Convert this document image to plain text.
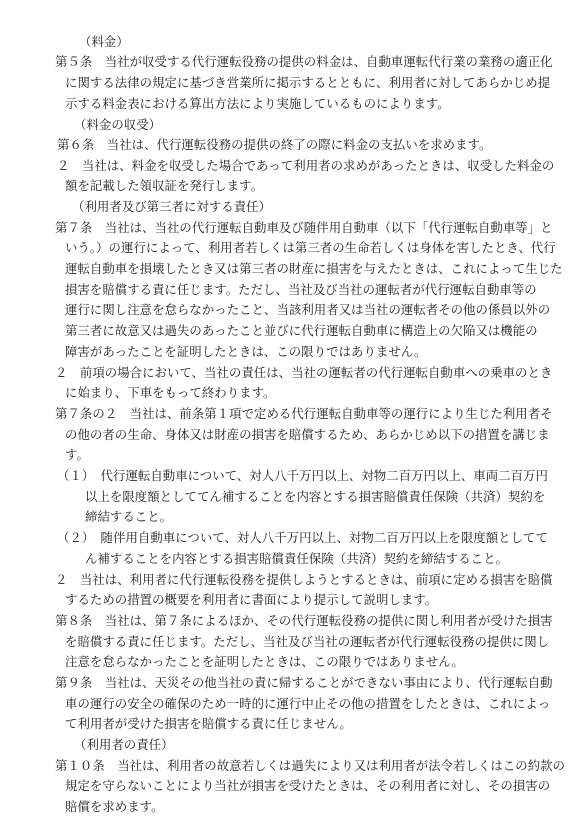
（料金）
第５条　当社が収受する代行運転役務の提供の料金は、自動車運転代行業の業務の適正化
に関する法律の規定に基づき営業所に掲示するとともに、利用者に対してあらかじめ提
示する料金表における算出方法により実施しているものによります。
（料金の収受）
第６条　当社は、代行運転役務の提供の終了の際に料金の支払いを求めます。
２　当社は、料金を収受した場合であって利用者の求めがあったときは、収受した料金の
額を記載した領収証を発行します。
（利用者及び第三者に対する責任）
第７条　当社は、当社の代行運転自動車及び随伴用自動車（以下「代行運転自動車等」と
いう。）の運行によって、利用者若しくは第三者の生命若しくは身体を害したとき、代行
運転自動車を損壊したとき又は第三者の財産に損害を与えたときは、これによって生じた
損害を賠償する責に任じます。ただし、当社及び当社の運転者が代行運転自動車等の
運行に関し注意を怠らなかったこと、当該利用者又は当社の運転者その他の係員以外の
第三者に故意又は過失のあったこと並びに代行運転自動車に構造上の欠陥又は機能の
障害があったことを証明したときは、この限りではありません。
２　前項の場合において、当社の責任は、当社の運転者の代行運転自動車への乗車のとき
に始まり、下車をもって終わります。
第７条の２　当社は、前条第１項で定める代行運転自動車等の運行により生じた利用者そ
の他の者の生命、身体又は財産の損害を賠償するため、あらかじめ以下の措置を講じま
す。
（１）　代行運転自動車について、対人八千万円以上、対物二百万円以上、車両二百万円
以上を限度額としててん補することを内容とする損害賠償責任保険（共済）契約を
締結すること。
（２）　随伴用自動車について、対人八千万円以上、対物二百万円以上を限度額としてて
ん補することを内容とする損害賠償責任保険（共済）契約を締結すること。
２　当社は、利用者に代行運転役務を提供しようとするときは、前項に定める損害を賠償
するための措置の概要を利用者に書面により提示して説明します。
第８条　当社は、第７条によるほか、その代行運転役務の提供に関し利用者が受けた損害
を賠償する責に任じます。ただし、当社及び当社の運転者が代行運転役務の提供に関し
注意を怠らなかったことを証明したときは、この限りではありません。
第９条　当社は、天災その他当社の責に帰することができない事由により、代行運転自動
車の運行の安全の確保のため一時的に運行中止その他の措置をしたときは、これによっ
て利用者が受けた損害を賠償する責に任じません。
（利用者の責任）
第１０条　当社は、利用者の故意若しくは過失により又は利用者が法令若しくはこの約款の
規定を守らないことにより当社が損害を受けたときは、その利用者に対し、その損害の
賠償を求めます。
